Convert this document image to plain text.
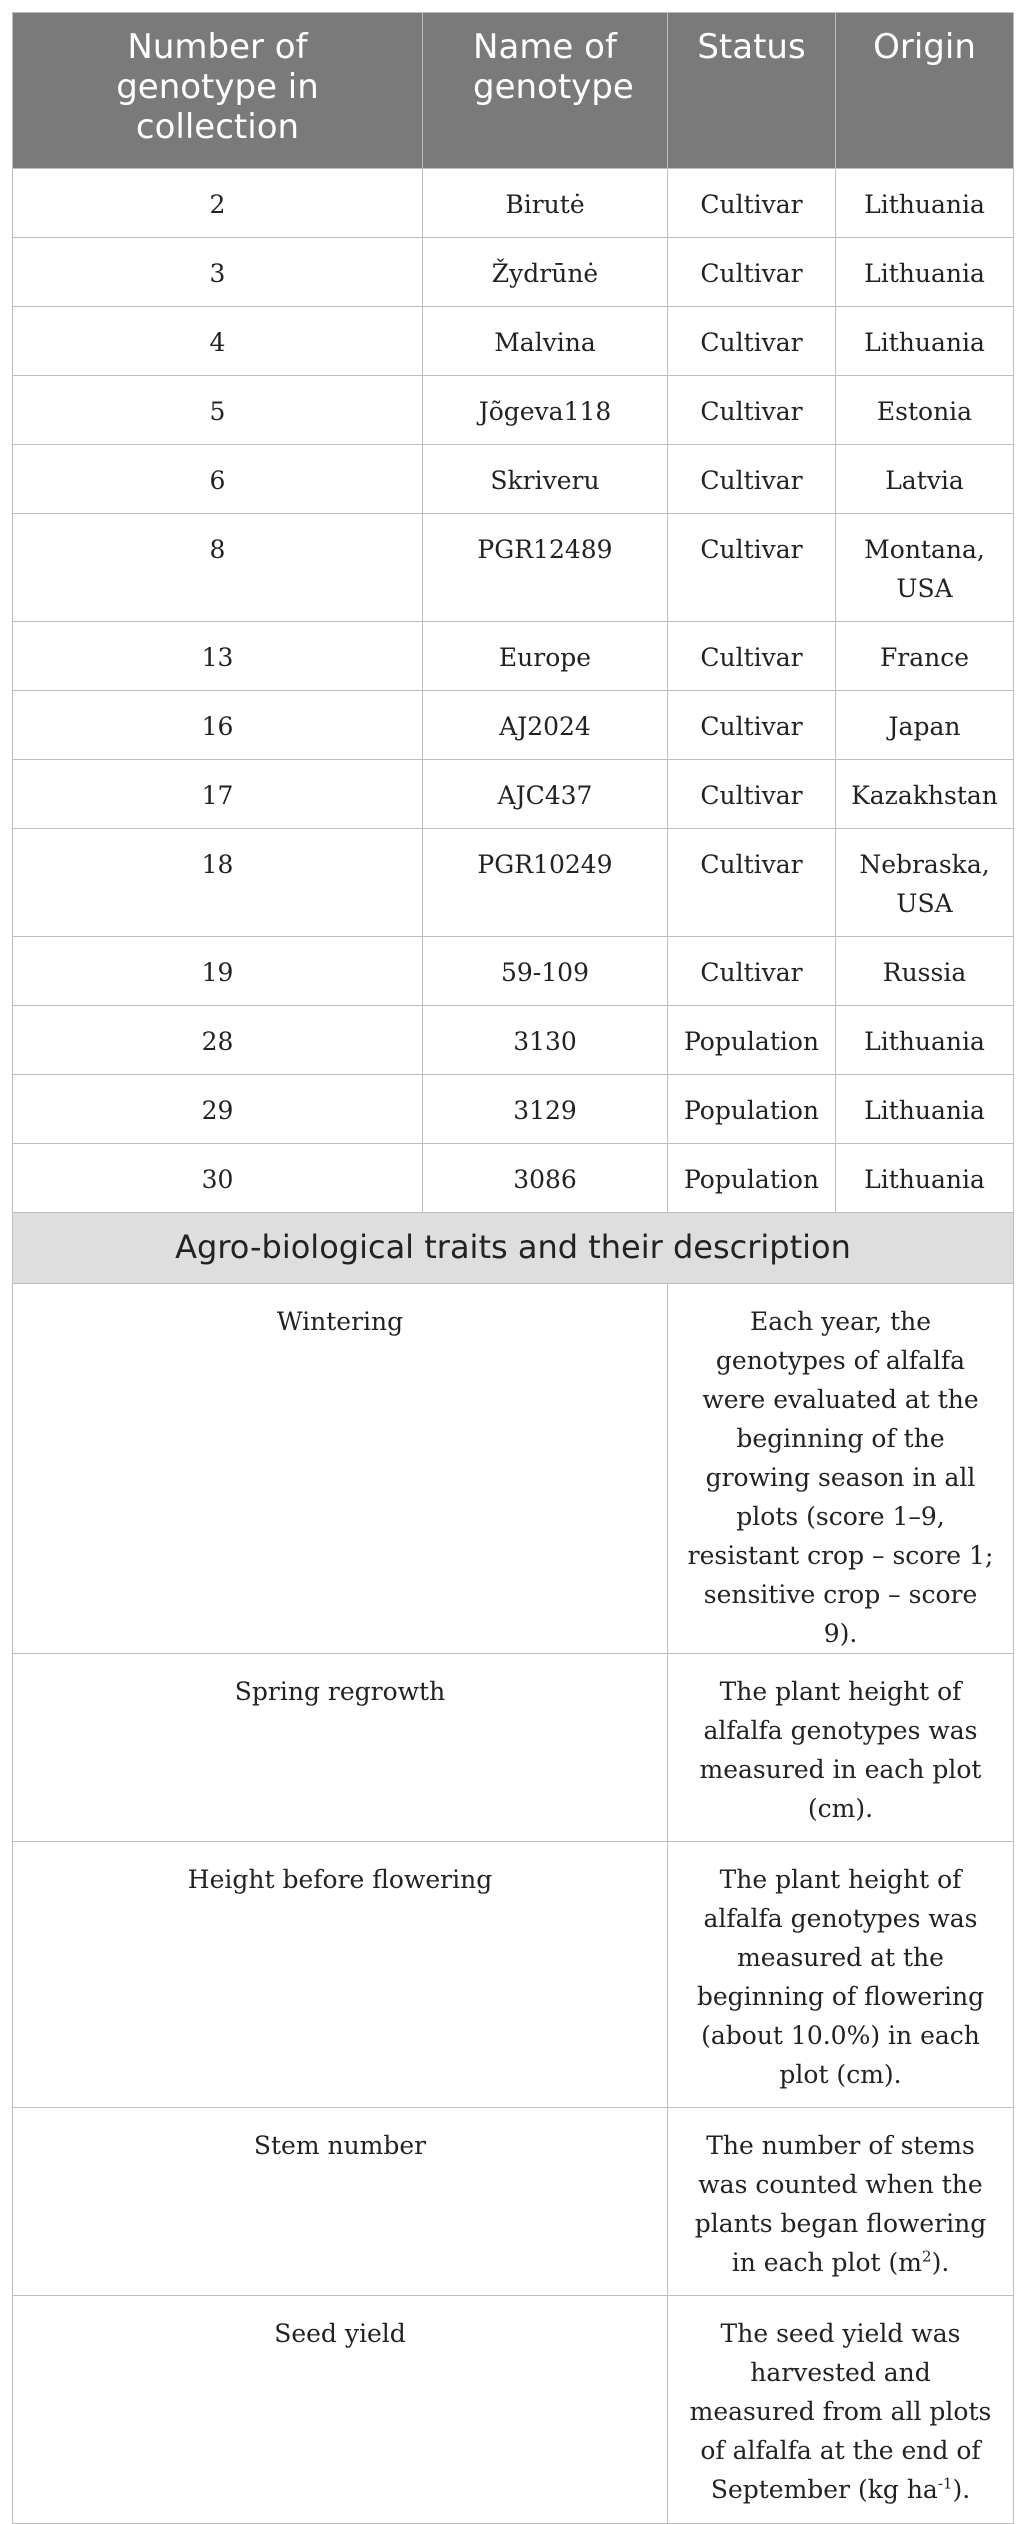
Number of genotype in collection	Name of genotype	Status	Origin
2	Birutė	Cultivar	Lithuania
3	Žydrūnė	Cultivar	Lithuania
4	Malvina	Cultivar	Lithuania
5	Jõgeva118	Cultivar	Estonia
6	Skriveru	Cultivar	Latvia
8	PGR12489	Cultivar	Montana, USA
13	Europe	Cultivar	France
16	AJ2024	Cultivar	Japan
17	AJC437	Cultivar	Kazakhstan
18	PGR10249	Cultivar	Nebraska, USA
19	59-109	Cultivar	Russia
28	3130	Population	Lithuania
29	3129	Population	Lithuania
30	3086	Population	Lithuania
Agro-biological traits and their description			
Wintering		Each year, the genotypes of alfalfa were evaluated at the beginning of the growing season in all plots (score 1–9, resistant crop – score 1; sensitive crop – score 9).	
Spring regrowth		The plant height of alfalfa genotypes was measured in each plot (cm).	
Height before flowering		The plant height of alfalfa genotypes was measured at the beginning of flowering (about 10.0%) in each plot (cm).	
Stem number		The number of stems was counted when the plants began flowering in each plot $(m^2)$.	
Seed yield		The seed yield was harvested and measured from all plots of alfalfa at the end of September (kg $ha^{-1}$).	
